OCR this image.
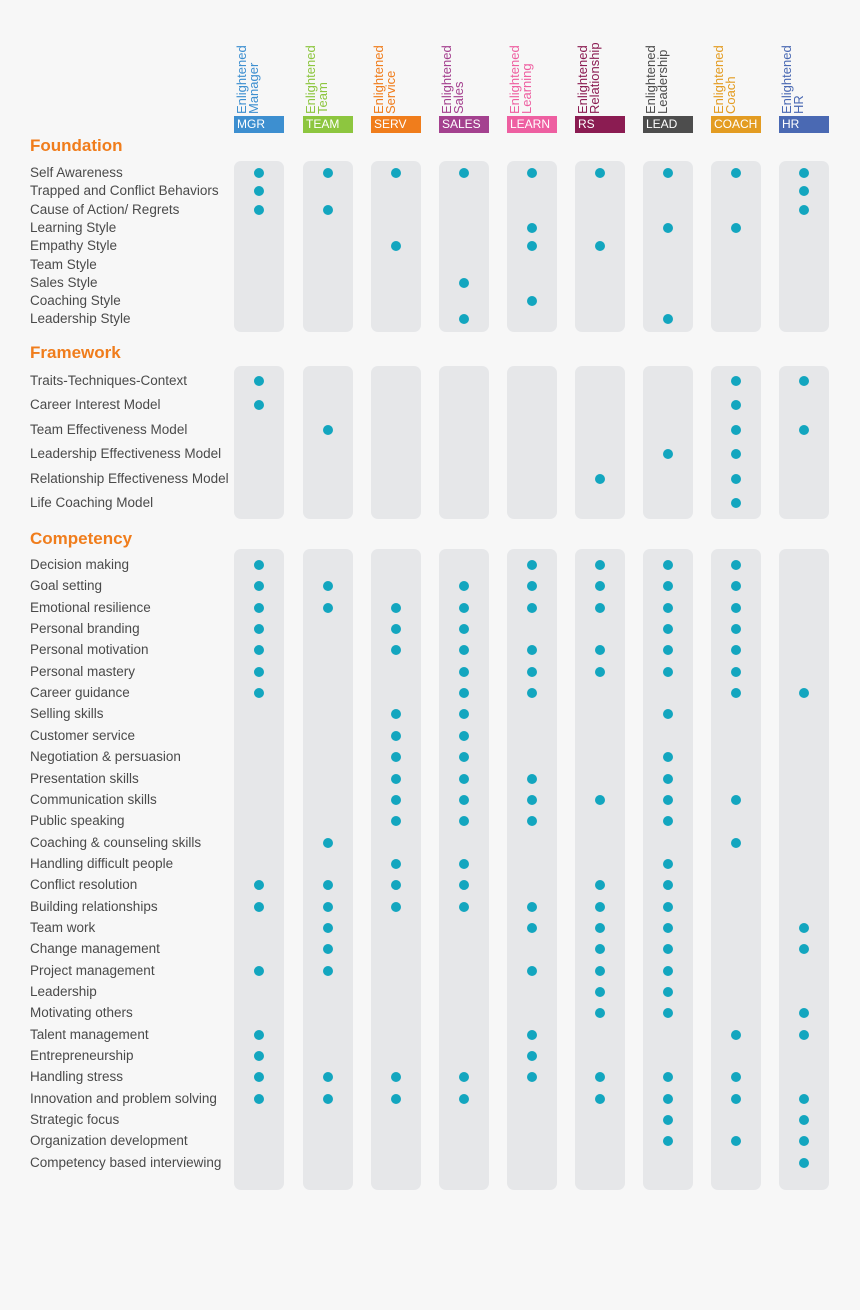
Enlightened
Manager
MGR
Enlightened
Team
TEAM
Enlightened
Service
SERV
Enlightened
Sales
SALES
Enlightened
Learning
LEARN
Enlightened
Relationship
RS
Enlightened
Leadership
LEAD
Enlightened
Coach
COACH
Enlightened
HR
HR
Foundation
Self Awareness
Trapped and Conflict Behaviors
Cause of Action/ Regrets
Learning Style
Empathy Style
Team Style
Sales Style
Coaching Style
Leadership Style
Framework
Traits-Techniques-Context
Career Interest Model
Team Effectiveness Model
Leadership Effectiveness Model
Relationship Effectiveness Model
Life Coaching Model
Competency
Decision making
Goal setting
Emotional resilience
Personal branding
Personal motivation
Personal mastery
Career guidance
Selling skills
Customer service
Negotiation & persuasion
Presentation skills
Communication skills
Public speaking
Coaching & counseling skills
Handling difficult people
Conflict resolution
Building relationships
Team work
Change management
Project management
Leadership
Motivating others
Talent management
Entrepreneurship
Handling stress
Innovation and problem solving
Strategic focus
Organization development
Competency based interviewing
